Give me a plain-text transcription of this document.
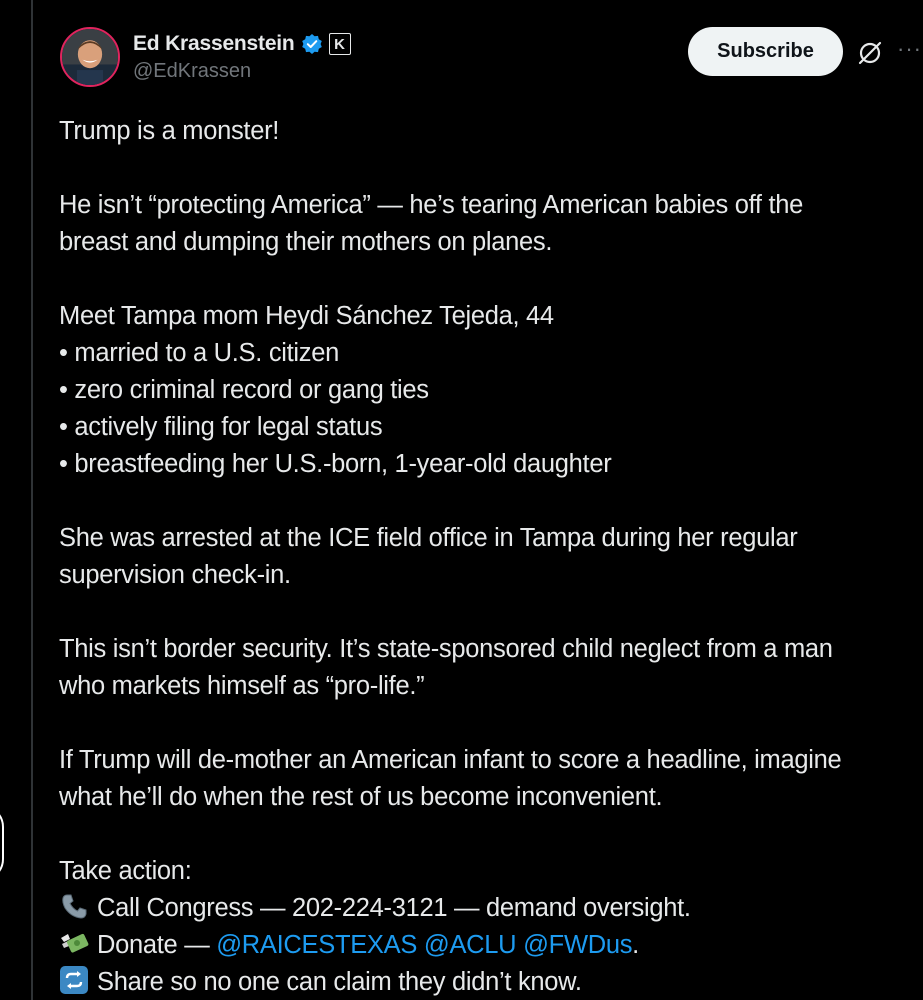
Ed Krassenstein	K
@EdKrassen
Subscribe	···
Trump is a monster!
He isn’t “protecting America” — he’s tearing American babies off the
breast and dumping their mothers on planes.
Meet Tampa mom Heydi Sánchez Tejeda, 44
• married to a U.S. citizen
• zero criminal record or gang ties
• actively filing for legal status
• breastfeeding her U.S.-born, 1-year-old daughter
She was arrested at the ICE field office in Tampa during her regular
supervision check-in.
This isn’t border security. It’s state-sponsored child neglect from a man
who markets himself as “pro-life.”
If Trump will de-mother an American infant to score a headline, imagine
what he’ll do when the rest of us become inconvenient.
Take action:
Call Congress — 202-224-3121 — demand oversight.
Donate — @RAICESTEXAS @ACLU @FWDus.
Share so no one can claim they didn’t know.
